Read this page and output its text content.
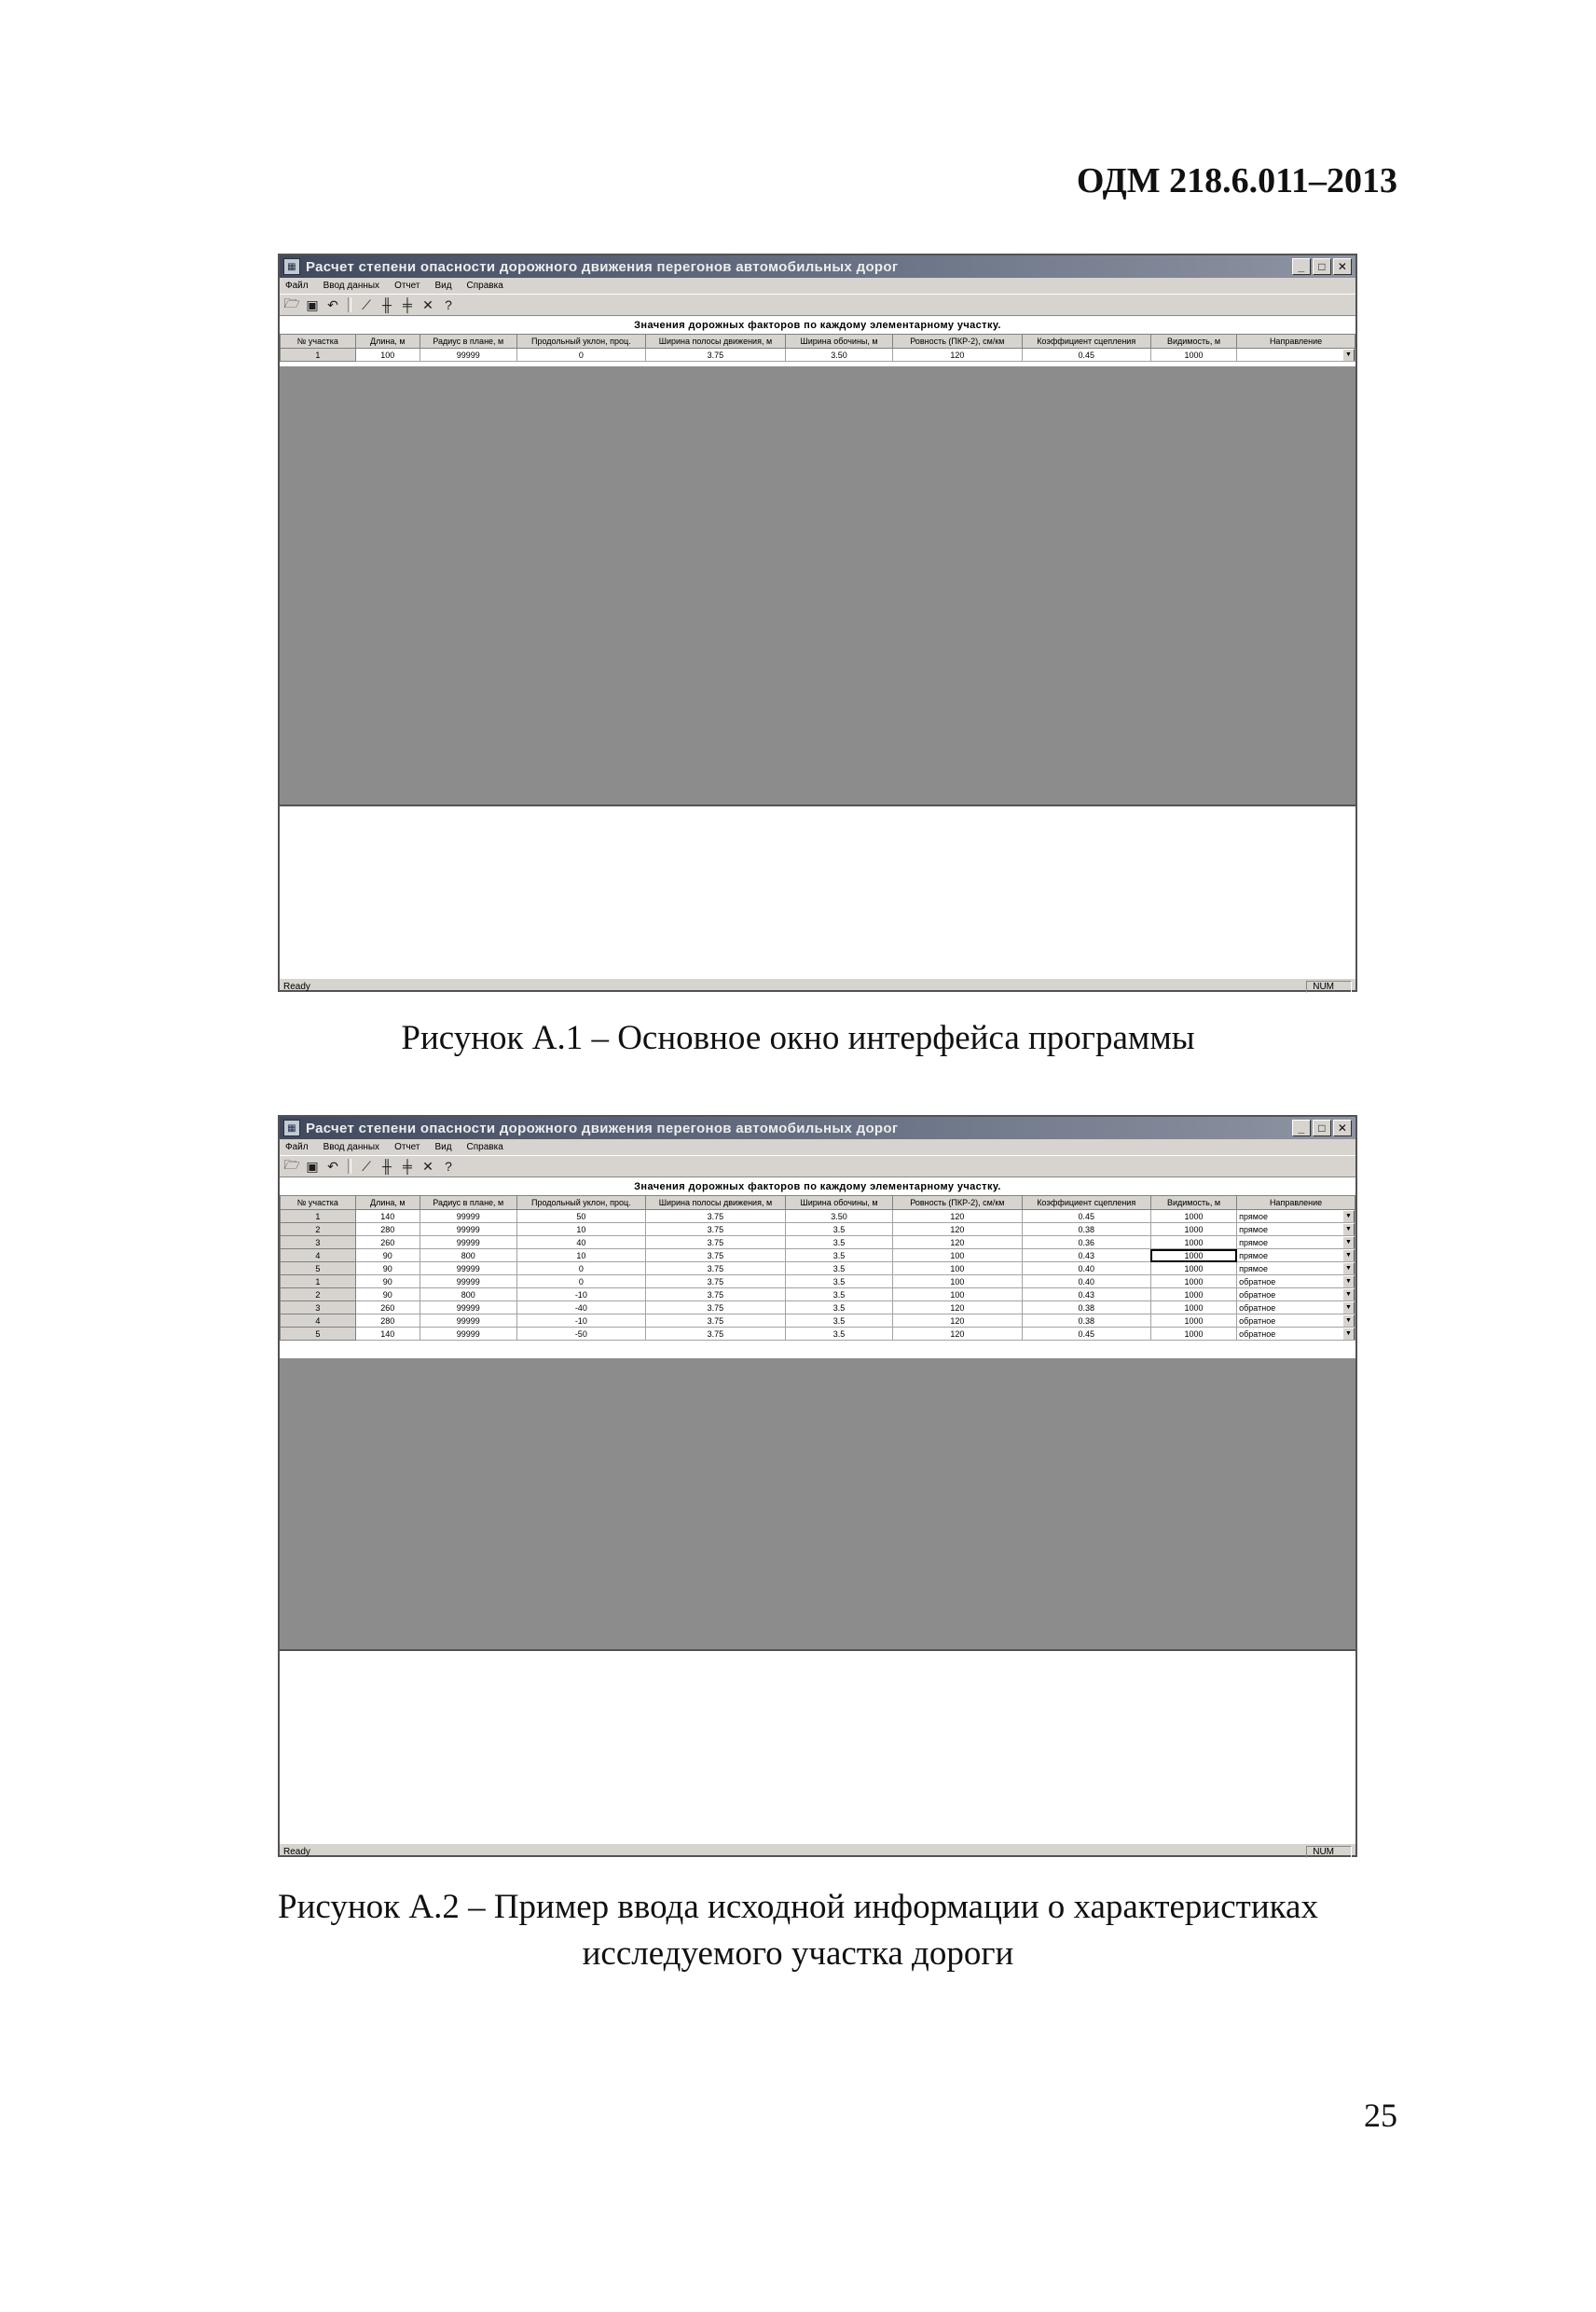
ОДМ 218.6.011–2013
▦ Расчет степени опасности дорожного движения перегонов автомобильных дорог	_	□	✕
Файл Ввод данных Отчет Вид Справка
🗁 ▣ ↶ ⟋ ╫ ╪ ✕ ?
Значения дорожных факторов по каждому элементарному участку.
№ участка	Длина, м	Радиус в плане, м	Продольный уклон, проц.	Ширина полосы движения, м	Ширина обочины, м	Ровность (ПКР-2), см/км	Коэффициент сцепления	Видимость, м	Направление
1	100	99999	0	3.75	3.50	120	0.45	1000	▼
Ready	NUM
Рисунок А.1 – Основное окно интерфейса программы
▦ Расчет степени опасности дорожного движения перегонов автомобильных дорог	_	□	✕
Файл Ввод данных Отчет Вид Справка
🗁 ▣ ↶ ⟋ ╫ ╪ ✕ ?
Значения дорожных факторов по каждому элементарному участку.
№ участка	Длина, м	Радиус в плане, м	Продольный уклон, проц.	Ширина полосы движения, м	Ширина обочины, м	Ровность (ПКР-2), см/км	Коэффициент сцепления	Видимость, м	Направление
1	140	99999	50	3.75	3.50	120	0.45	1000	прямое ▼

2	280	99999	10	3.75	3.5	120	0.38	1000	прямое ▼

3	260	99999	40	3.75	3.5	120	0.36	1000	прямое ▼

4	90	800	10	3.75	3.5	100	0.43	1000	прямое ▼

5	90	99999	0	3.75	3.5	100	0.40	1000	прямое ▼

1	90	99999	0	3.75	3.5	100	0.40	1000	обратное ▼

2	90	800	-10	3.75	3.5	100	0.43	1000	обратное ▼

3	260	99999	-40	3.75	3.5	120	0.38	1000	обратное ▼

4	280	99999	-10	3.75	3.5	120	0.38	1000	обратное ▼

5	140	99999	-50	3.75	3.5	120	0.45	1000	обратное ▼
Ready	NUM
Рисунок А.2 – Пример ввода исходной информации о характеристиках
исследуемого участка дороги
25
